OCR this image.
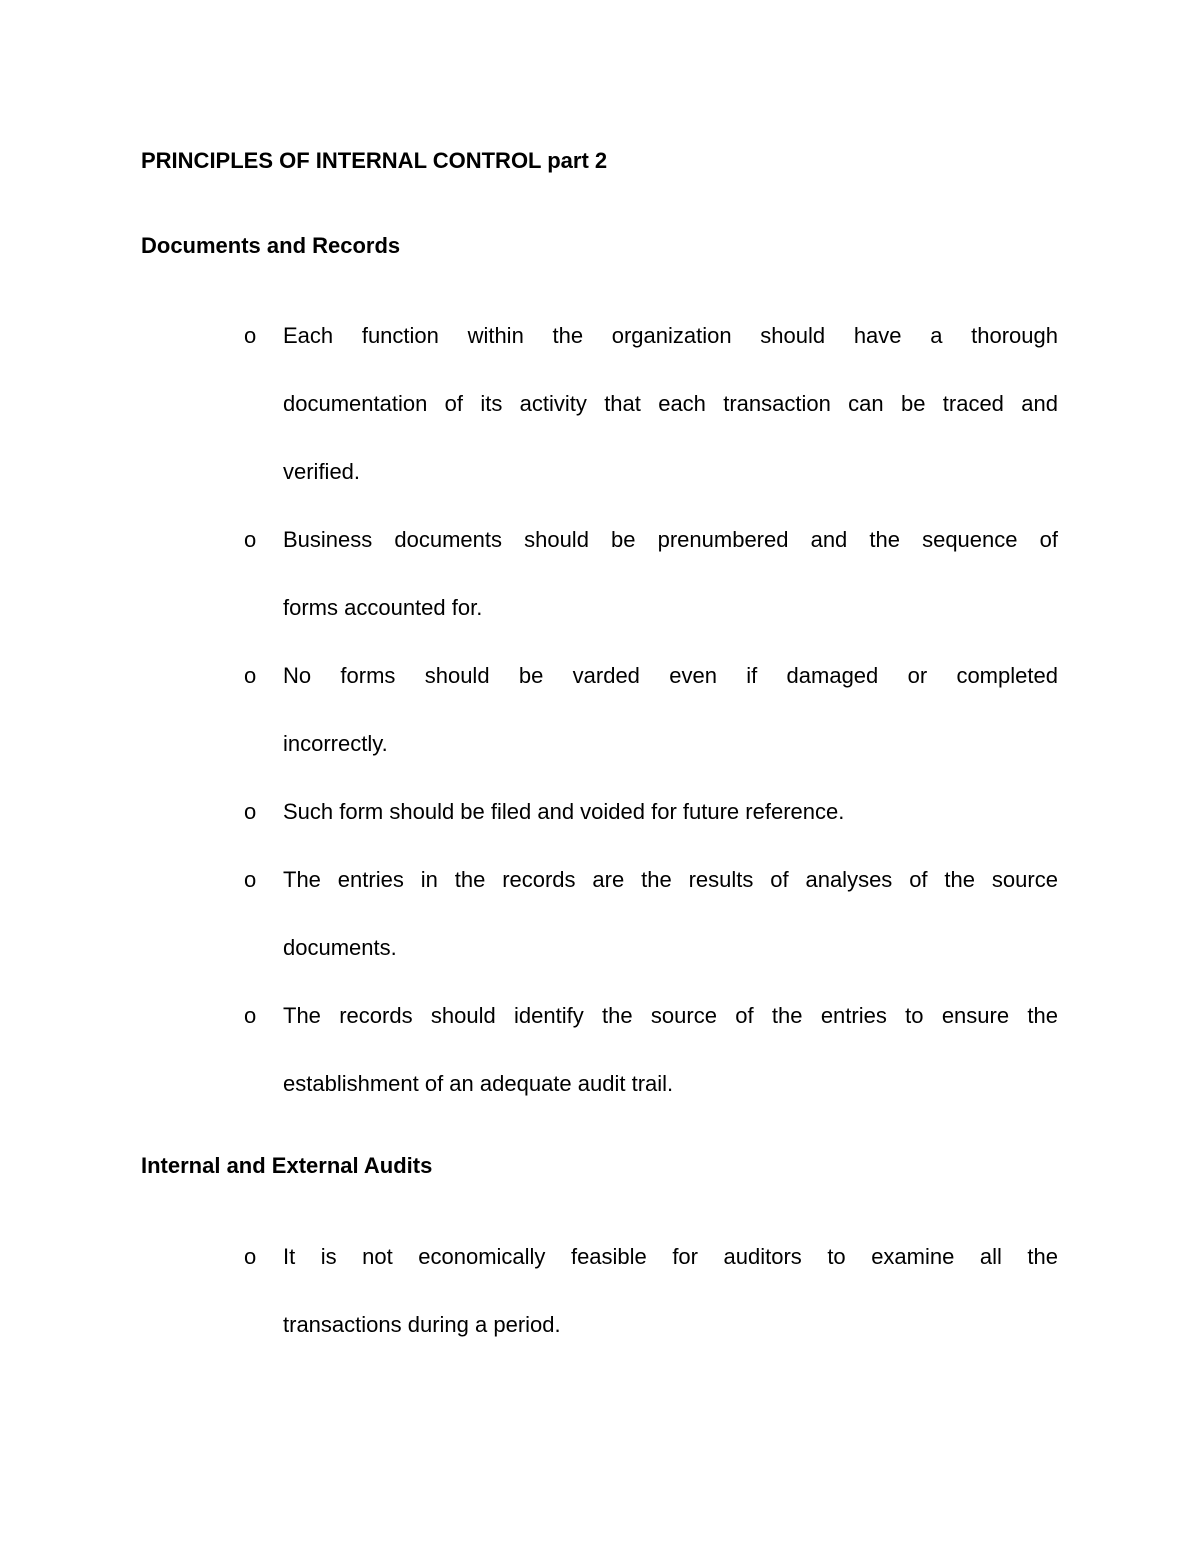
PRINCIPLES OF INTERNAL CONTROL part 2
Documents and Records
o Each function within the organization should have a thorough
documentation of its activity that each transaction can be traced and
verified.
o Business documents should be prenumbered and the sequence of
forms accounted for.
o No forms should be varded even if damaged or completed
incorrectly.
o Such form should be filed and voided for future reference.
o The entries in the records are the results of analyses of the source
documents.
o The records should identify the source of the entries to ensure the
establishment of an adequate audit trail.
Internal and External Audits
o It is not economically feasible for auditors to examine all the
transactions during a period.
